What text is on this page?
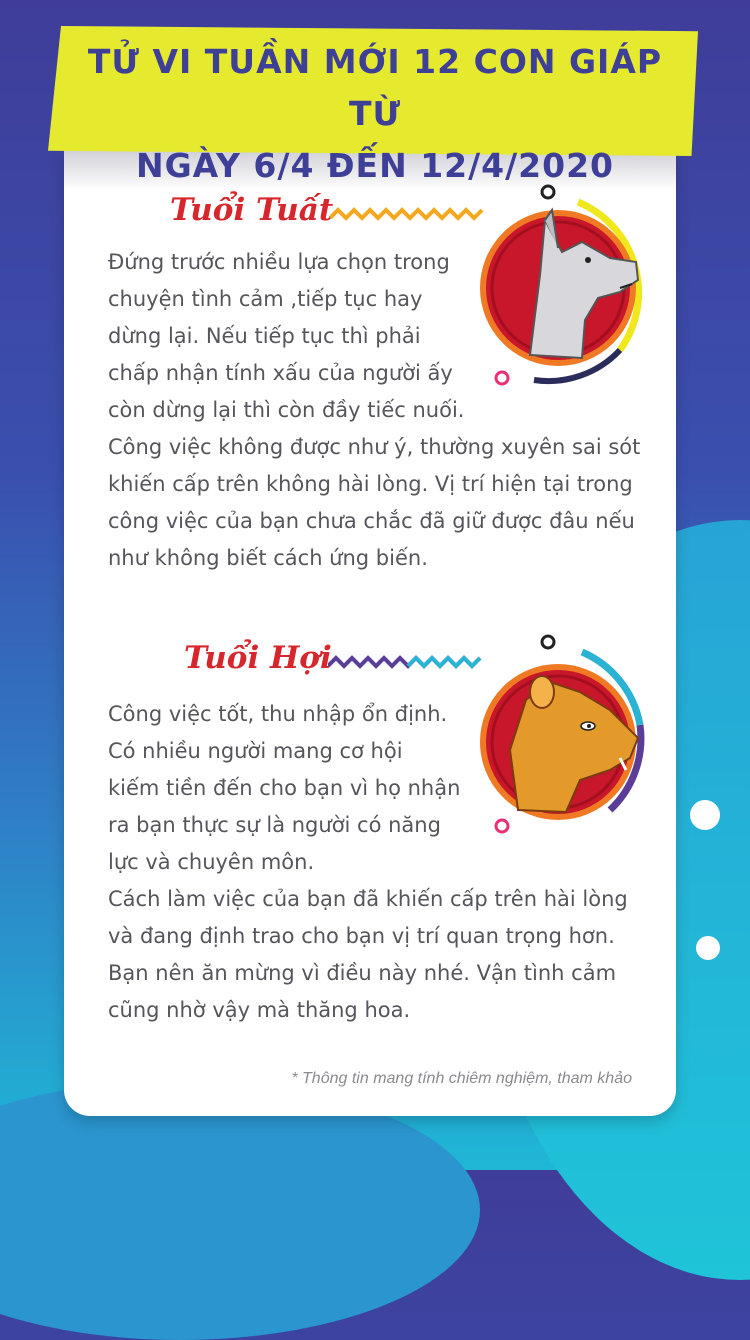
TỬ VI TUẦN MỚI 12 CON GIÁP TỪ
NGÀY 6/4 ĐẾN 12/4/2020
Tuổi Tuất

Đứng trước nhiều lựa chọn trong

chuyện tình cảm ,tiếp tục hay

dừng lại. Nếu tiếp tục thì phải

chấp nhận tính xấu của người ấy

còn dừng lại thì còn đầy tiếc nuối.

Công việc không được như ý, thường xuyên sai sót

khiến cấp trên không hài lòng. Vị trí hiện tại trong

công việc của bạn chưa chắc đã giữ được đâu nếu

như không biết cách ứng biến.

Tuổi Hợi

Công việc tốt, thu nhập ổn định.

Có nhiều người mang cơ hội

kiếm tiền đến cho bạn vì họ nhận

ra bạn thực sự là người có năng

lực và chuyên môn.

Cách làm việc của bạn đã khiến cấp trên hài lòng

và đang định trao cho bạn vị trí quan trọng hơn.

Bạn nên ăn mừng vì điều này nhé. Vận tình cảm

cũng nhờ vậy mà thăng hoa.

* Thông tin mang tính chiêm nghiệm, tham khảo
